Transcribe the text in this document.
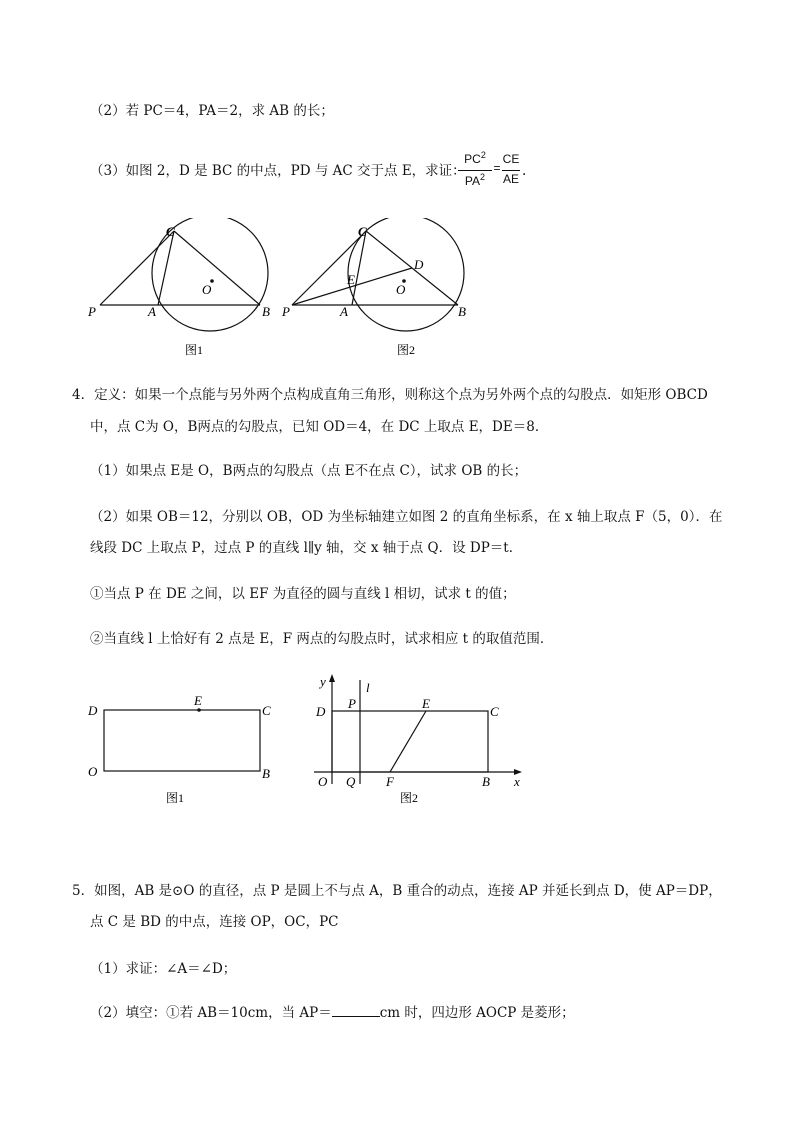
（2）若 PC＝4，PA＝2，求 AB 的长；
（3）如图 2，D 是 BC 的中点，PD 与 AC 交于点 E，求证：
$PC^2$
$PA^2$
=
CE
AE .
C
O
P	A	B
图1
C
D
E
O
P	A	B
图2
4．定义：如果一个点能与另外两个点构成直角三角形，则称这个点为另外两个点的勾股点．如矩形 OBCD
中，点 C为 O，B两点的勾股点，已知 OD＝4，在 DC 上取点 E，DE＝8．
（1）如果点 E是 O，B两点的勾股点（点 E不在点 C），试求 OB 的长；
（2）如果 OB＝12，分别以 OB，OD 为坐标轴建立如图 2 的直角坐标系，在 x 轴上取点 F（5，0）．在
线段 DC 上取点 P，过点 P 的直线 l∥y 轴，交 x 轴于点 Q．设 DP＝t．
①当点 P 在 DE 之间，以 EF 为直径的圆与直线 l 相切，试求 t 的值；
②当直线 l 上恰好有 2 点是 E，F 两点的勾股点时，试求相应 t 的取值范围．
D
E
C
O	B
图1
y	l
D
P	E
C
O Q F	B x
图2
5．如图，AB 是⊙O 的直径，点 P 是圆上不与点 A，B 重合的动点，连接 AP 并延长到点 D，使 AP＝DP，
点 C 是 BD 的中点，连接 OP，OC，PC
（1）求证：∠A＝∠D；
（2）填空：①若 AB＝10cm，当 AP＝	cm 时，四边形 AOCP 是菱形；
